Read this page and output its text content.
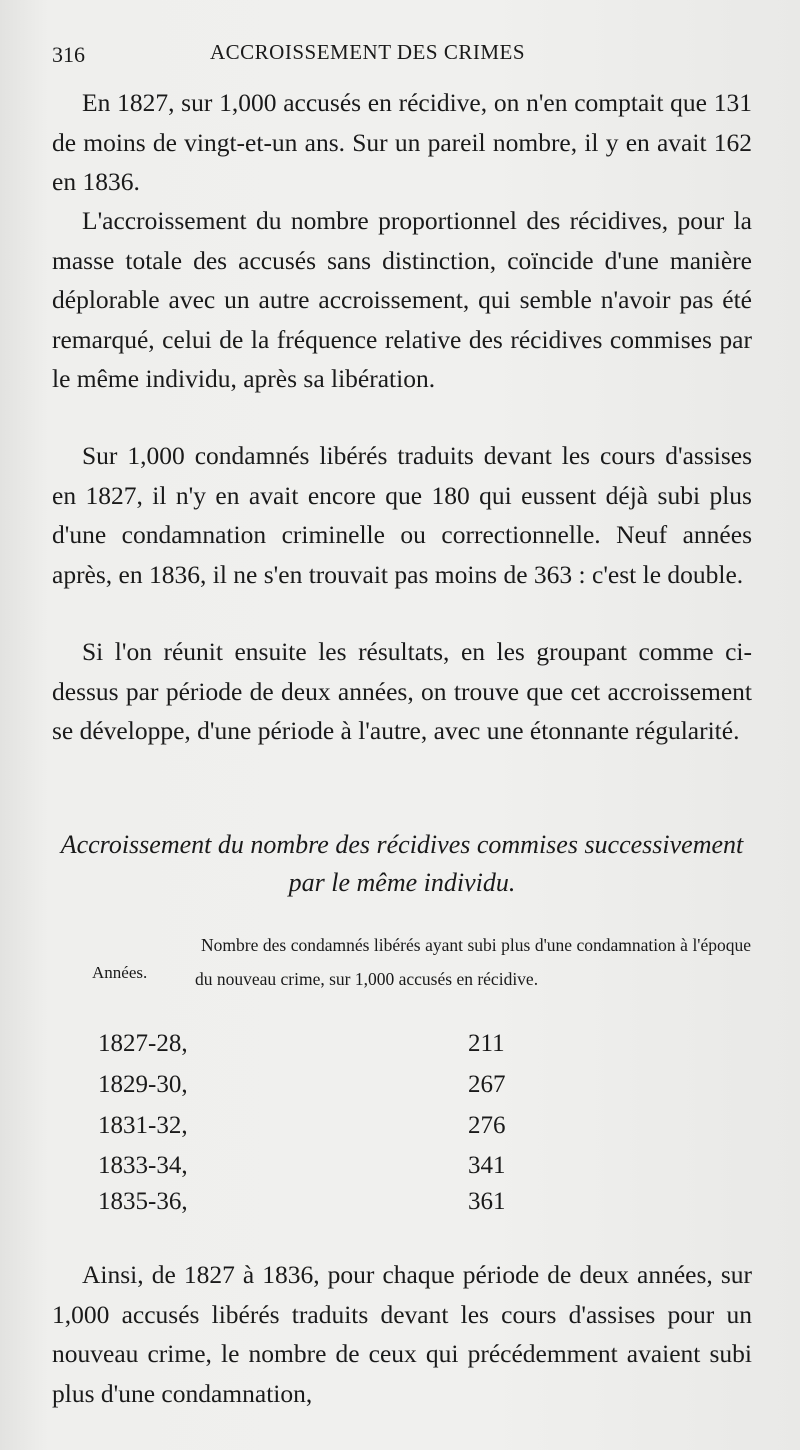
316	ACCROISSEMENT DES CRIMES

En 1827, sur 1,000 accusés en récidive, on n'en comptait que 131 de moins de vingt-et-un ans. Sur un pareil nombre, il y en avait 162 en 1836.

L'accroissement du nombre proportionnel des récidives, pour la masse totale des accusés sans distinction, coïncide d'une manière déplorable avec un autre accroissement, qui semble n'avoir pas été remarqué, celui de la fréquence relative des récidives commises par le même individu, après sa libération.

Sur 1,000 condamnés libérés traduits devant les cours d'assises en 1827, il n'y en avait encore que 180 qui eussent déjà subi plus d'une condamnation criminelle ou correctionnelle. Neuf années après, en 1836, il ne s'en trouvait pas moins de 363 : c'est le double.

Si l'on réunit ensuite les résultats, en les groupant comme ci-dessus par période de deux années, on trouve que cet accroissement se développe, d'une période à l'autre, avec une étonnante régularité.

Accroissement du nombre des récidives commises successivement par le même individu.

Années.

Nombre des condamnés libérés ayant subi plus d'une condamnation à l'époque du nouveau crime, sur 1,000 accusés en récidive.

1827-28,	211
1829-30,	267
1831-32,	276
1833-34,	341
1835-36,	361

Ainsi, de 1827 à 1836, pour chaque période de deux années, sur 1,000 accusés libérés traduits devant les cours d'assises pour un nouveau crime, le nombre de ceux qui précédemment avaient subi plus d'une condamnation,
